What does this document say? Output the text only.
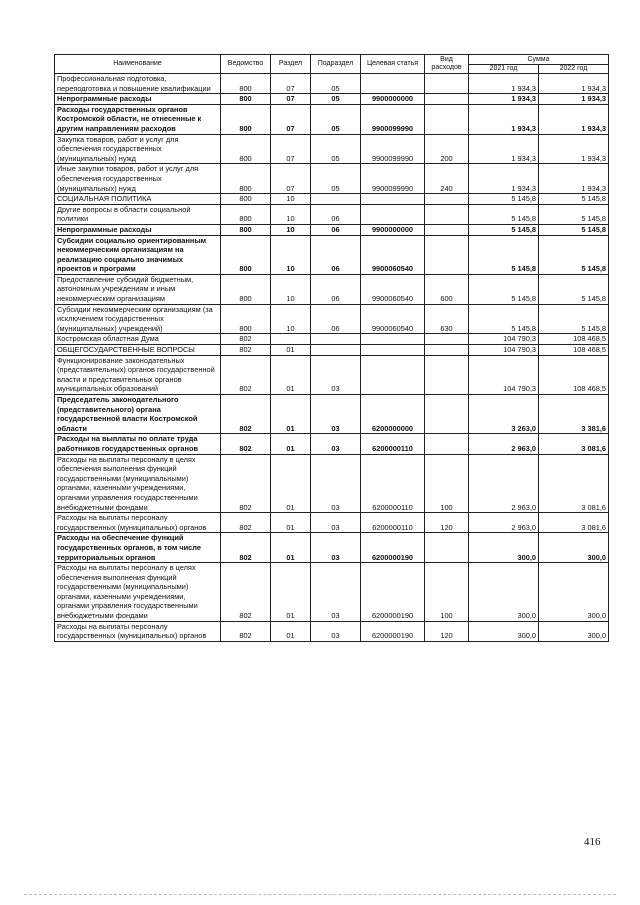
Наименование	Ведомство	Раздел	Подраздел	Целевая статья	Вид расходов	Сумма	
						2021 год	2022 год
Профессиональная подготовка, переподготовка и повышение квалификации	800	07	05			1 934,3	1 934,3
Непрограммные расходы	800	07	05	9900000000		1 934,3	1 934,3
Расходы государственных органов Костромской области, не отнесенные к другим направлениям расходов	800	07	05	9900099990		1 934,3	1 934,3
Закупка товаров, работ и услуг для обеспечения государственных (муниципальных) нужд	800	07	05	9900099990	200	1 934,3	1 934,3
Иные закупки товаров, работ и услуг для обеспечения государственных (муниципальных) нужд	800	07	05	9900099990	240	1 934,3	1 934,3
СОЦИАЛЬНАЯ ПОЛИТИКА	800	10				5 145,8	5 145,8
Другие вопросы в области социальной политики	800	10	06			5 145,8	5 145,8
Непрограммные расходы	800	10	06	9900000000		5 145,8	5 145,8
Субсидии социально ориентированным некоммерческим организациям на реализацию социально значимых проектов и программ	800	10	06	9900060540		5 145,8	5 145,8
Предоставление субсидий бюджетным, автономным учреждениям и иным некоммерческим организациям	800	10	06	9900060540	600	5 145,8	5 145,8
Субсидии некоммерческим организациям (за исключением государственных (муниципальных) учреждений)	800	10	06	9900060540	630	5 145,8	5 145,8
Костромская областная Дума	802					104 790,3	108 468,5
ОБЩЕГОСУДАРСТВЕННЫЕ ВОПРОСЫ	802	01				104 790,3	108 468,5
Функционирование законодательных (представительных) органов государственной власти и представительных органов муниципальных образований	802	01	03			104 790,3	108 468,5
Председатель законодательного (представительного) органа государственной власти Костромской области	802	01	03	6200000000		3 263,0	3 381,6
Расходы на выплаты по оплате труда работников государственных органов	802	01	03	6200000110		2 963,0	3 081,6
Расходы на выплаты персоналу в целях обеспечения выполнения функций государственными (муниципальными) органами, казенными учреждениями, органами управления государственными внебюджетными фондами	802	01	03	6200000110	100	2 963,0	3 081,6
Расходы на выплаты персоналу государственных (муниципальных) органов	802	01	03	6200000110	120	2 963,0	3 081,6
Расходы на обеспечение функций государственных органов, в том числе территориальных органов	802	01	03	6200000190		300,0	300,0
Расходы на выплаты персоналу в целях обеспечения выполнения функций государственными (муниципальными) органами, казенными учреждениями, органами управления государственными внебюджетными фондами	802	01	03	6200000190	100	300,0	300,0
Расходы на выплаты персоналу государственных (муниципальных) органов	802	01	03	6200000190	120	300,0	300,0
416
